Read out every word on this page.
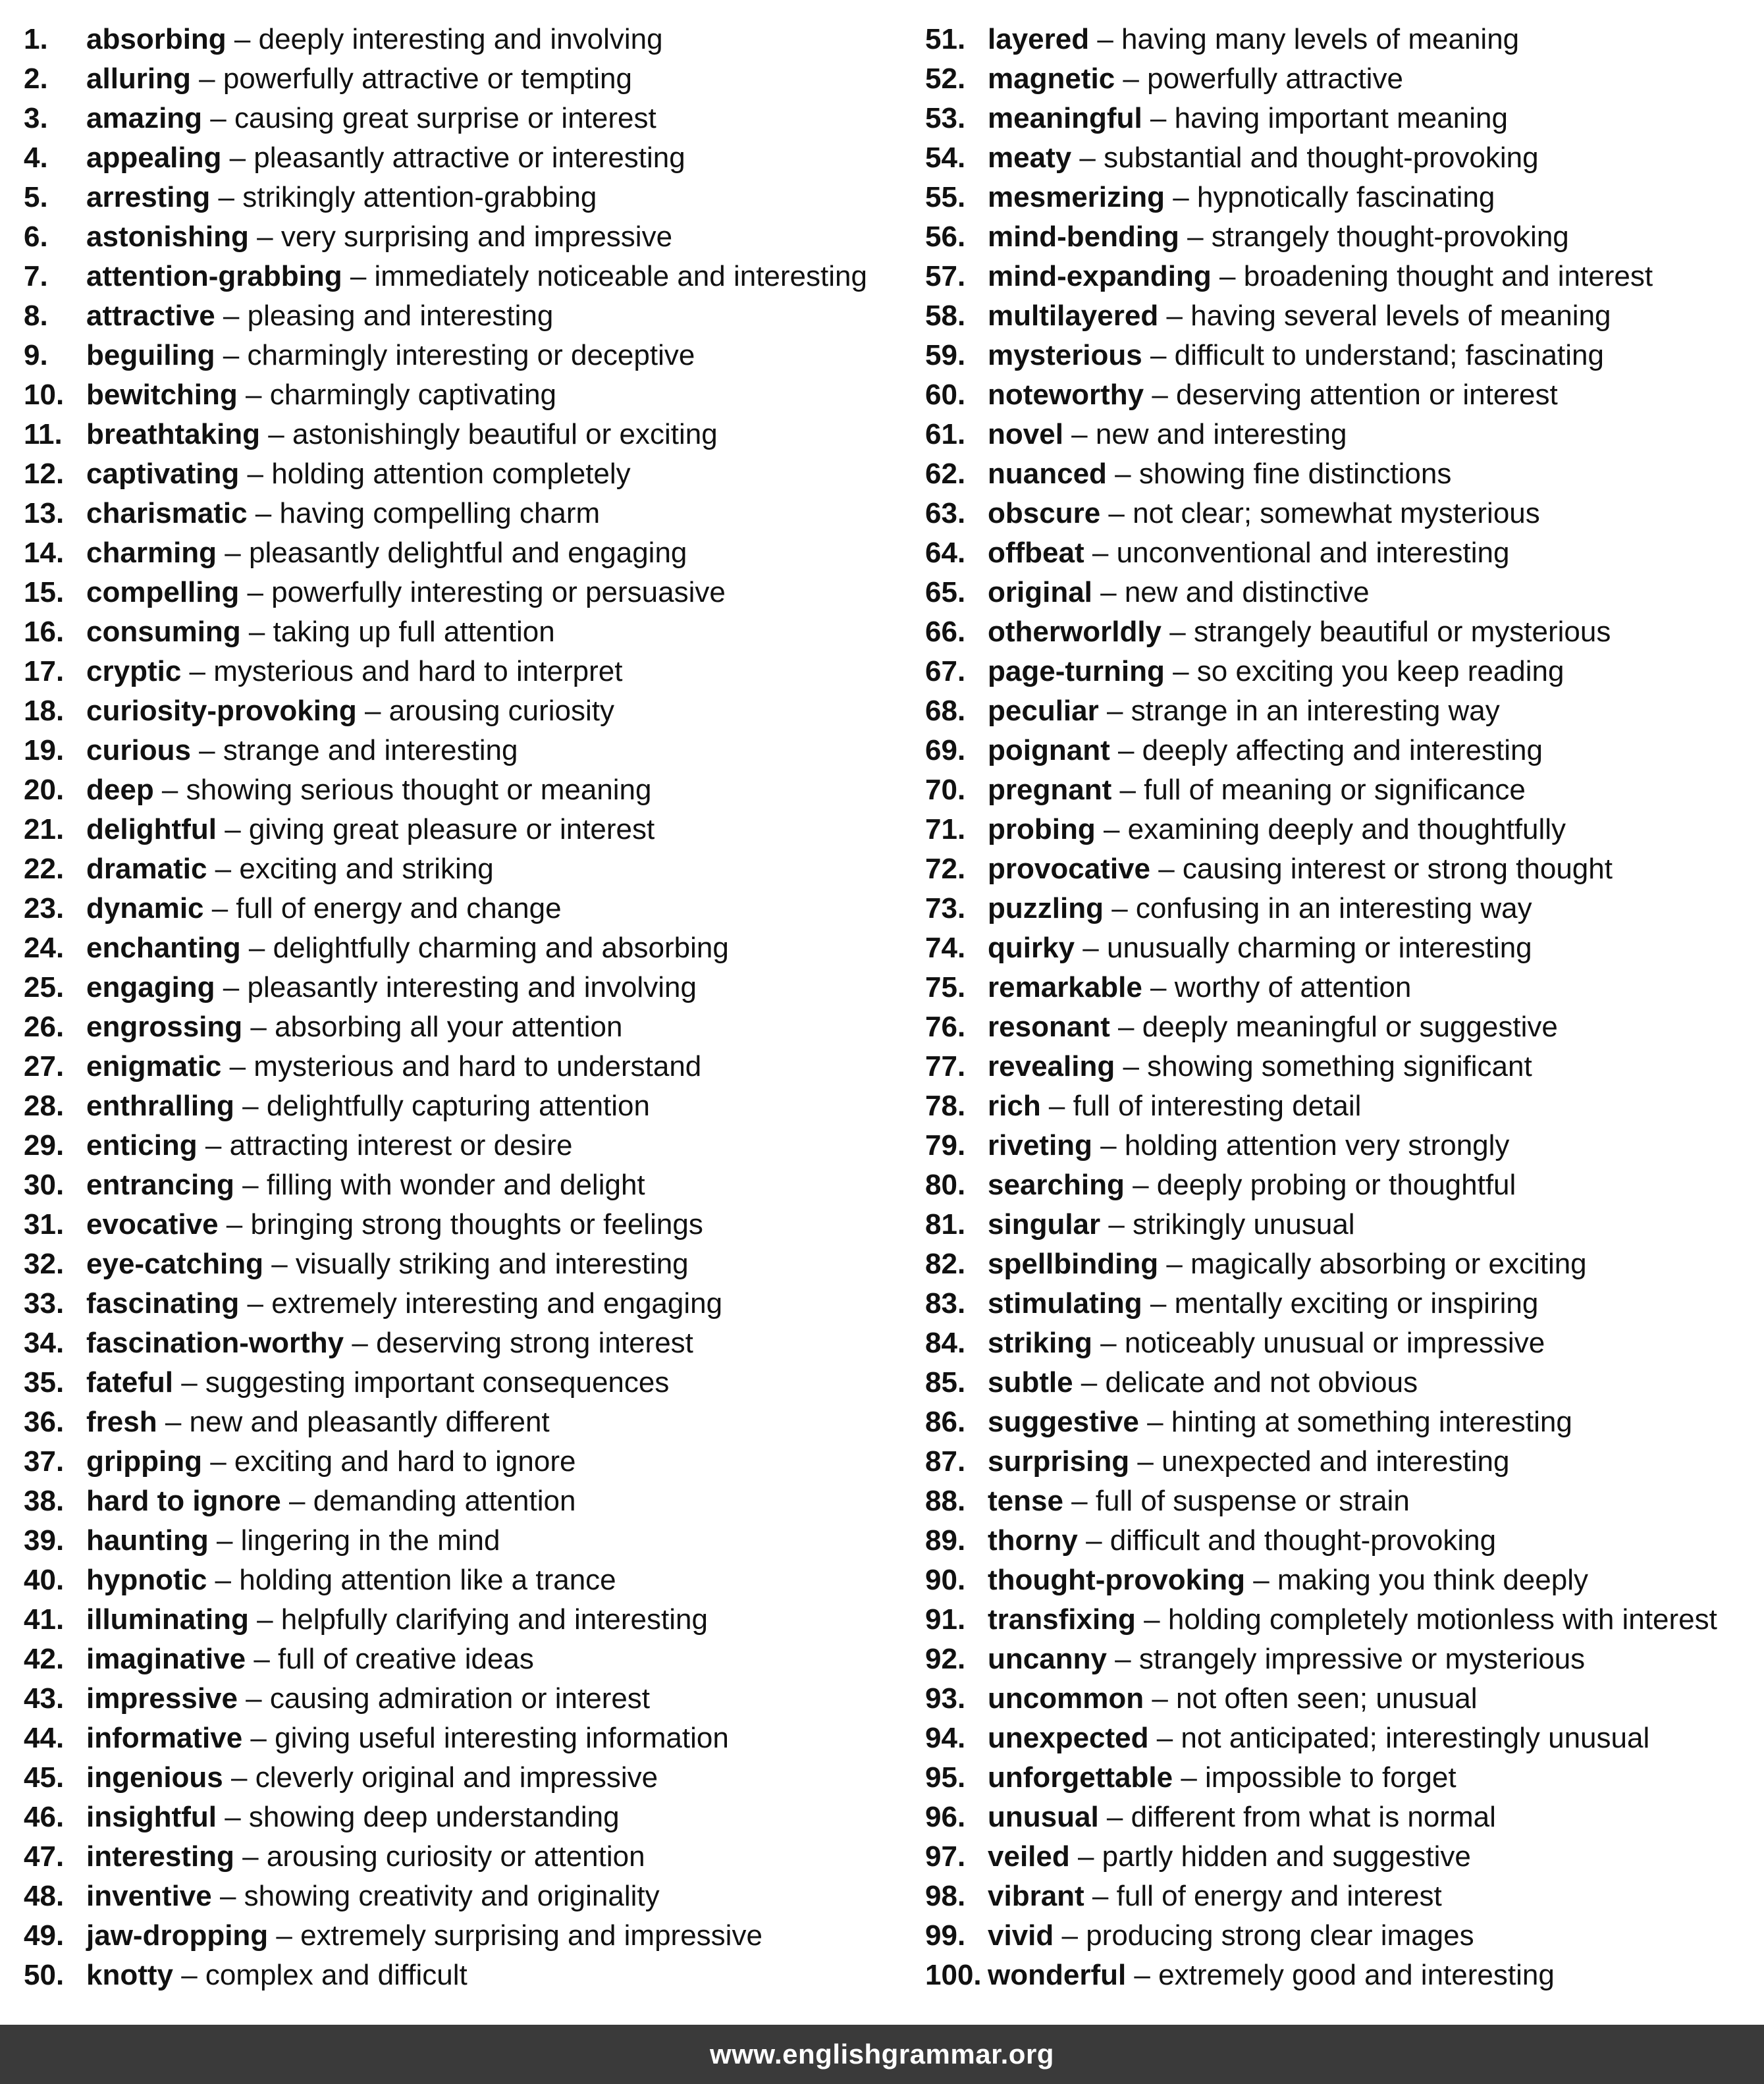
1. absorbing – deeply interesting and involving
2. alluring – powerfully attractive or tempting
3. amazing – causing great surprise or interest
4. appealing – pleasantly attractive or interesting
5. arresting – strikingly attention-grabbing
6. astonishing – very surprising and impressive
7. attention-grabbing – immediately noticeable and interesting
8. attractive – pleasing and interesting
9. beguiling – charmingly interesting or deceptive
10. bewitching – charmingly captivating
11. breathtaking – astonishingly beautiful or exciting
12. captivating – holding attention completely
13. charismatic – having compelling charm
14. charming – pleasantly delightful and engaging
15. compelling – powerfully interesting or persuasive
16. consuming – taking up full attention
17. cryptic – mysterious and hard to interpret
18. curiosity-provoking – arousing curiosity
19. curious – strange and interesting
20. deep – showing serious thought or meaning
21. delightful – giving great pleasure or interest
22. dramatic – exciting and striking
23. dynamic – full of energy and change
24. enchanting – delightfully charming and absorbing
25. engaging – pleasantly interesting and involving
26. engrossing – absorbing all your attention
27. enigmatic – mysterious and hard to understand
28. enthralling – delightfully capturing attention
29. enticing – attracting interest or desire
30. entrancing – filling with wonder and delight
31. evocative – bringing strong thoughts or feelings
32. eye-catching – visually striking and interesting
33. fascinating – extremely interesting and engaging
34. fascination-worthy – deserving strong interest
35. fateful – suggesting important consequences
36. fresh – new and pleasantly different
37. gripping – exciting and hard to ignore
38. hard to ignore – demanding attention
39. haunting – lingering in the mind
40. hypnotic – holding attention like a trance
41. illuminating – helpfully clarifying and interesting
42. imaginative – full of creative ideas
43. impressive – causing admiration or interest
44. informative – giving useful interesting information
45. ingenious – cleverly original and impressive
46. insightful – showing deep understanding
47. interesting – arousing curiosity or attention
48. inventive – showing creativity and originality
49. jaw-dropping – extremely surprising and impressive
50. knotty – complex and difficult
51. layered – having many levels of meaning
52. magnetic – powerfully attractive
53. meaningful – having important meaning
54. meaty – substantial and thought-provoking
55. mesmerizing – hypnotically fascinating
56. mind-bending – strangely thought-provoking
57. mind-expanding – broadening thought and interest
58. multilayered – having several levels of meaning
59. mysterious – difficult to understand; fascinating
60. noteworthy – deserving attention or interest
61. novel – new and interesting
62. nuanced – showing fine distinctions
63. obscure – not clear; somewhat mysterious
64. offbeat – unconventional and interesting
65. original – new and distinctive
66. otherworldly – strangely beautiful or mysterious
67. page-turning – so exciting you keep reading
68. peculiar – strange in an interesting way
69. poignant – deeply affecting and interesting
70. pregnant – full of meaning or significance
71. probing – examining deeply and thoughtfully
72. provocative – causing interest or strong thought
73. puzzling – confusing in an interesting way
74. quirky – unusually charming or interesting
75. remarkable – worthy of attention
76. resonant – deeply meaningful or suggestive
77. revealing – showing something significant
78. rich – full of interesting detail
79. riveting – holding attention very strongly
80. searching – deeply probing or thoughtful
81. singular – strikingly unusual
82. spellbinding – magically absorbing or exciting
83. stimulating – mentally exciting or inspiring
84. striking – noticeably unusual or impressive
85. subtle – delicate and not obvious
86. suggestive – hinting at something interesting
87. surprising – unexpected and interesting
88. tense – full of suspense or strain
89. thorny – difficult and thought-provoking
90. thought-provoking – making you think deeply
91. transfixing – holding completely motionless with interest
92. uncanny – strangely impressive or mysterious
93. uncommon – not often seen; unusual
94. unexpected – not anticipated; interestingly unusual
95. unforgettable – impossible to forget
96. unusual – different from what is normal
97. veiled – partly hidden and suggestive
98. vibrant – full of energy and interest
99. vivid – producing strong clear images
100. wonderful – extremely good and interesting
www.englishgrammar.org
